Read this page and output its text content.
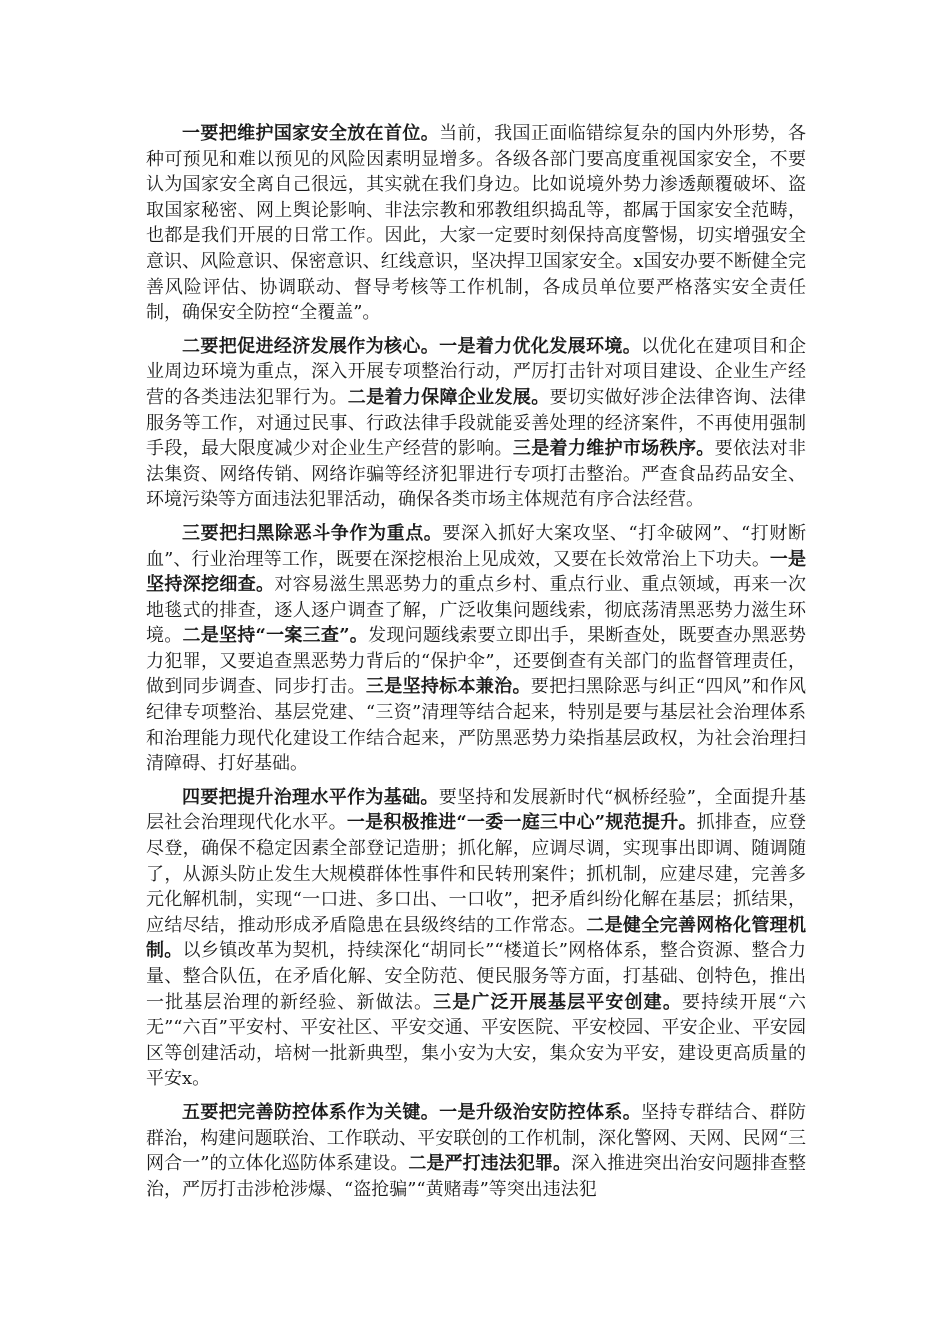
一要把维护国家安全放在首位。当前，我国正面临错综复杂的国内外形势，各种可预见和难以预见的风险因素明显增多。各级各部门要高度重视国家安全，不要认为国家安全离自己很远，其实就在我们身边。比如说境外势力渗透颠覆破坏、盗取国家秘密、网上舆论影响、非法宗教和邪教组织捣乱等，都属于国家安全范畴，也都是我们开展的日常工作。因此，大家一定要时刻保持高度警惕，切实增强安全意识、风险意识、保密意识、红线意识，坚决捍卫国家安全。x国安办要不断健全完善风险评估、协调联动、督导考核等工作机制，各成员单位要严格落实安全责任制，确保安全防控“全覆盖”。

二要把促进经济发展作为核心。一是着力优化发展环境。以优化在建项目和企业周边环境为重点，深入开展专项整治行动，严厉打击针对项目建设、企业生产经营的各类违法犯罪行为。二是着力保障企业发展。要切实做好涉企法律咨询、法律服务等工作，对通过民事、行政法律手段就能妥善处理的经济案件，不再使用强制手段，最大限度减少对企业生产经营的影响。三是着力维护市场秩序。要依法对非法集资、网络传销、网络诈骗等经济犯罪进行专项打击整治。严查食品药品安全、环境污染等方面违法犯罪活动，确保各类市场主体规范有序合法经营。

三要把扫黑除恶斗争作为重点。要深入抓好大案攻坚、“打伞破网”、“打财断血”、行业治理等工作，既要在深挖根治上见成效，又要在长效常治上下功夫。一是坚持深挖细查。对容易滋生黑恶势力的重点乡村、重点行业、重点领域，再来一次地毯式的排查，逐人逐户调查了解，广泛收集问题线索，彻底荡清黑恶势力滋生环境。二是坚持“一案三查”。发现问题线索要立即出手，果断查处，既要查办黑恶势力犯罪，又要追查黑恶势力背后的“保护伞”，还要倒查有关部门的监督管理责任，做到同步调查、同步打击。三是坚持标本兼治。要把扫黑除恶与纠正“四风”和作风纪律专项整治、基层党建、“三资”清理等结合起来，特别是要与基层社会治理体系和治理能力现代化建设工作结合起来，严防黑恶势力染指基层政权，为社会治理扫清障碍、打好基础。

四要把提升治理水平作为基础。要坚持和发展新时代“枫桥经验”，全面提升基层社会治理现代化水平。一是积极推进“一委一庭三中心”规范提升。抓排查，应登尽登，确保不稳定因素全部登记造册；抓化解，应调尽调，实现事出即调、随调随了，从源头防止发生大规模群体性事件和民转刑案件；抓机制，应建尽建，完善多元化解机制，实现“一口进、多口出、一口收”，把矛盾纠纷化解在基层；抓结果，应结尽结，推动形成矛盾隐患在县级终结的工作常态。二是健全完善网格化管理机制。以乡镇改革为契机，持续深化“胡同长”“楼道长”网格体系，整合资源、整合力量、整合队伍，在矛盾化解、安全防范、便民服务等方面，打基础、创特色，推出一批基层治理的新经验、新做法。三是广泛开展基层平安创建。要持续开展“六无”“六百”平安村、平安社区、平安交通、平安医院、平安校园、平安企业、平安园区等创建活动，培树一批新典型，集小安为大安，集众安为平安，建设更高质量的平安x。

五要把完善防控体系作为关键。一是升级治安防控体系。坚持专群结合、群防群治，构建问题联治、工作联动、平安联创的工作机制，深化警网、天网、民网“三网合一”的立体化巡防体系建设。二是严打违法犯罪。深入推进突出治安问题排查整治，严厉打击涉枪涉爆、“盗抢骗”“黄赌毒”等突出违法犯
